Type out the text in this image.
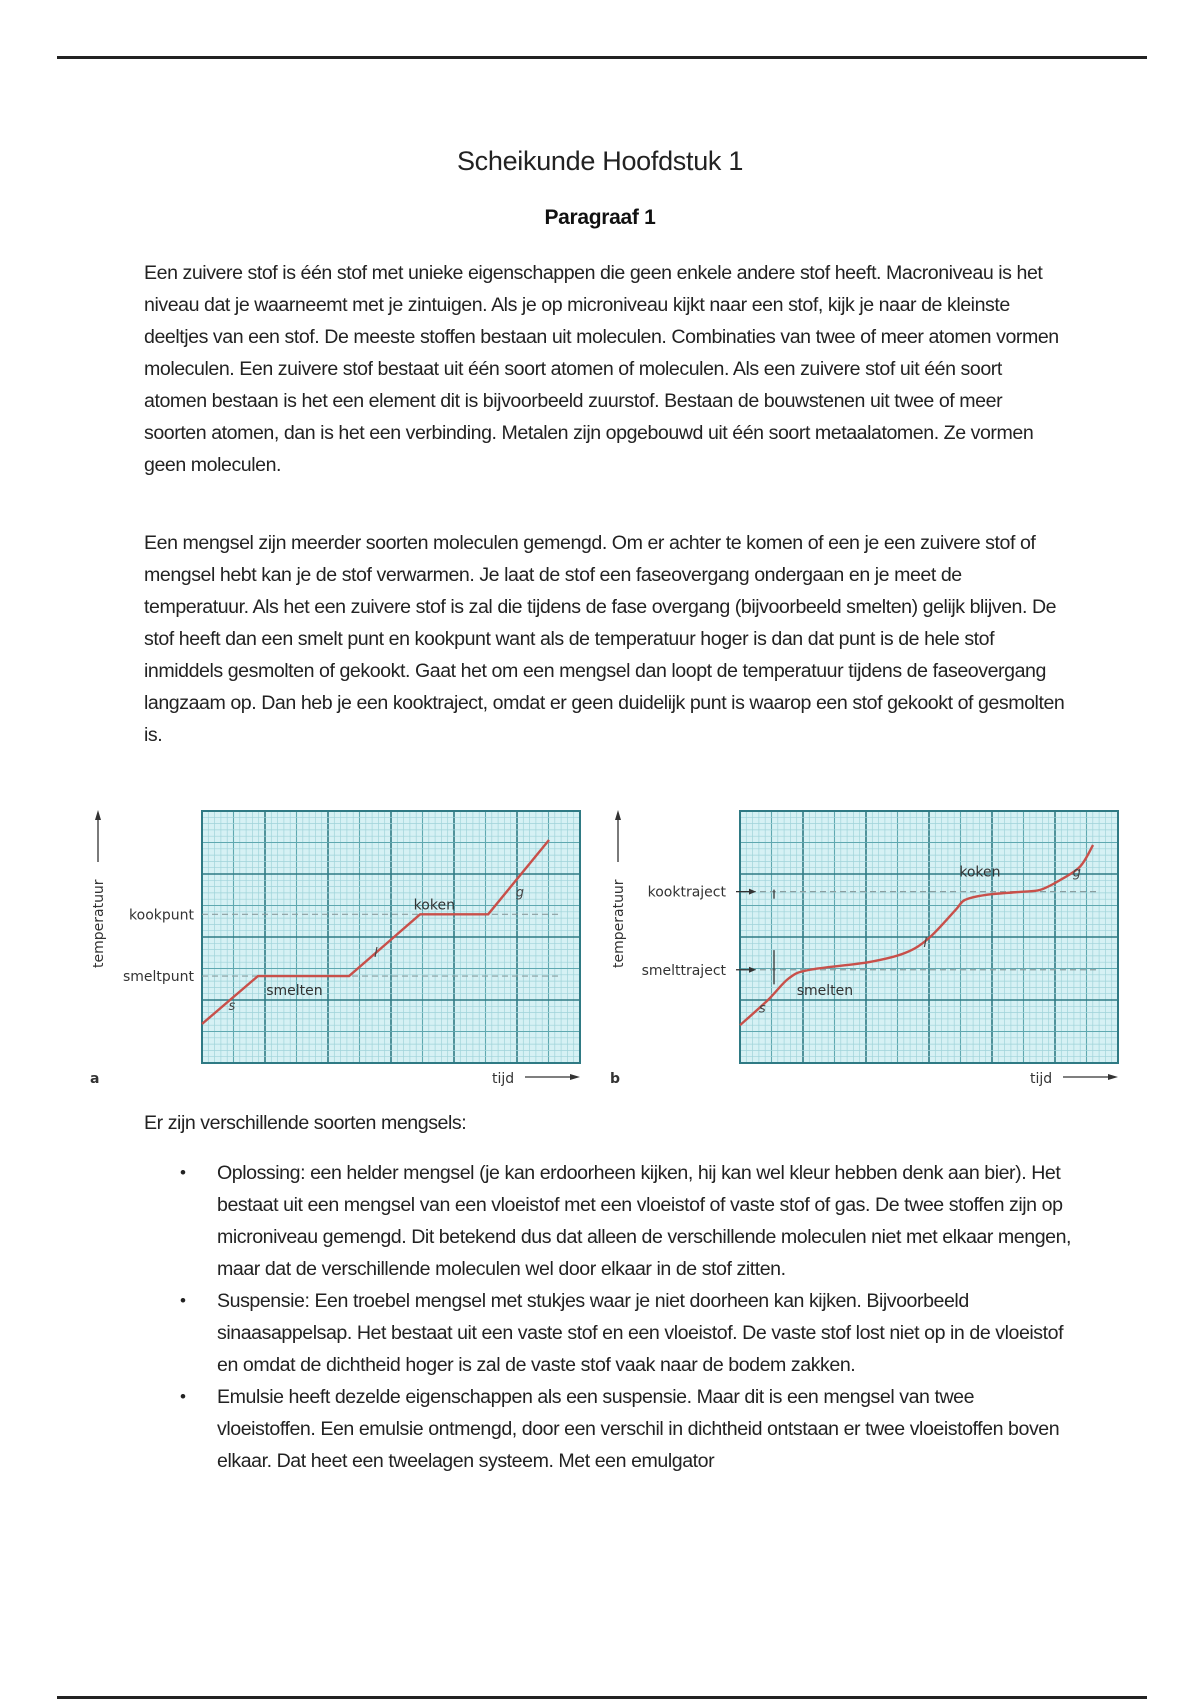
Scheikunde Hoofdstuk 1
Paragraaf 1

Een zuivere stof is één stof met unieke eigenschappen die geen enkele andere stof heeft. Macroniveau is het niveau dat je waarneemt met je zintuigen. Als je op microniveau kijkt naar een stof, kijk je naar de kleinste deeltjes van een stof. De meeste stoffen bestaan uit moleculen. Combinaties van twee of meer atomen vormen moleculen. Een zuivere stof bestaat uit één soort atomen of moleculen. Als een zuivere stof uit één soort atomen bestaan is het een element dit is bijvoorbeeld zuurstof. Bestaan de bouwstenen uit twee of meer soorten atomen, dan is het een verbinding. Metalen zijn opgebouwd uit één soort metaalatomen. Ze vormen geen moleculen.

Een mengsel zijn meerder soorten moleculen gemengd. Om er achter te komen of een je een zuivere stof of mengsel hebt kan je de stof verwarmen. Je laat de stof een faseovergang ondergaan en je meet de temperatuur. Als het een zuivere stof is zal die tijdens de fase overgang (bijvoorbeeld smelten) gelijk blijven. De stof heeft dan een smelt punt en kookpunt want als de temperatuur hoger is dan dat punt is de hele stof inmiddels gesmolten of gekookt. Gaat het om een mengsel dan loopt de temperatuur tijdens de faseovergang langzaam op. Dan heb je een kooktraject, omdat er geen duidelijk punt is waarop een stof gekookt of gesmolten is.

smeltpunt
kookpunt
s
smelten
l
koken
g
temperatuur
tijd
a
smelttraject
kooktraject
s
smelten
l
koken	g
temperatuur
tijd
b

Er zijn verschillende soorten mengsels:

• Oplossing: een helder mengsel (je kan erdoorheen kijken, hij kan wel kleur hebben denk aan bier). Het bestaat uit een mengsel van een vloeistof met een vloeistof of vaste stof of gas. De twee stoffen zijn op microniveau gemengd. Dit betekend dus dat alleen de verschillende moleculen niet met elkaar mengen, maar dat de verschillende moleculen wel door elkaar in de stof zitten.
• Suspensie: Een troebel mengsel met stukjes waar je niet doorheen kan kijken. Bijvoorbeeld sinaasappelsap. Het bestaat uit een vaste stof en een vloeistof. De vaste stof lost niet op in de vloeistof en omdat de dichtheid hoger is zal de vaste stof vaak naar de bodem zakken.
• Emulsie heeft dezelde eigenschappen als een suspensie. Maar dit is een mengsel van twee vloeistoffen. Een emulsie ontmengd, door een verschil in dichtheid ontstaan er twee vloeistoffen boven elkaar. Dat heet een tweelagen systeem. Met een emulgator
